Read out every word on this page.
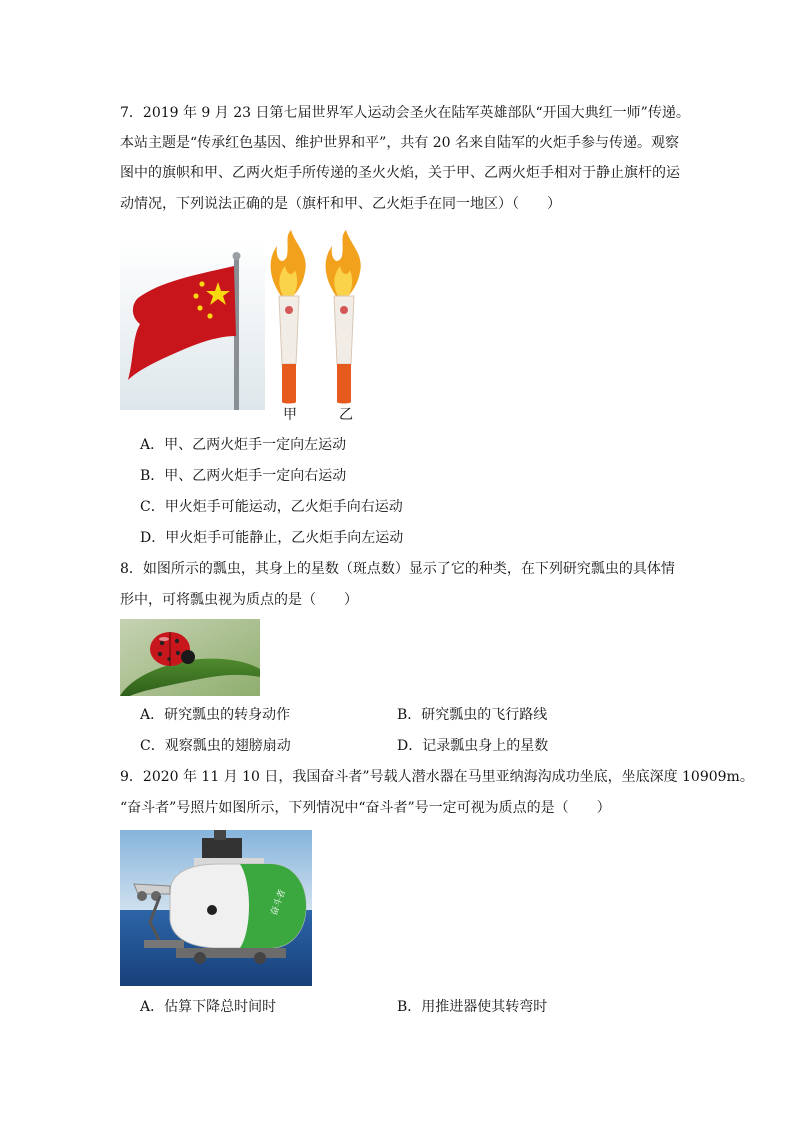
7．2019 年 9 月 23 日第七届世界军人运动会圣火在陆军英雄部队“开国大典红一师”传递。
本站主题是“传承红色基因、维护世界和平”，共有 20 名来自陆军的火炬手参与传递。观察
图中的旗帜和甲、乙两火炬手所传递的圣火火焰，关于甲、乙两火炬手相对于静止旗杆的运
动情况，下列说法正确的是（旗杆和甲、乙火炬手在同一地区）（　　）
甲	乙
A．甲、乙两火炬手一定向左运动
B．甲、乙两火炬手一定向右运动
C．甲火炬手可能运动，乙火炬手向右运动
D．甲火炬手可能静止，乙火炬手向左运动
8．如图所示的瓢虫，其身上的星数（斑点数）显示了它的种类，在下列研究瓢虫的具体情
形中，可将瓢虫视为质点的是（　　）
A．研究瓢虫的转身动作	B．研究瓢虫的飞行路线
C．观察瓢虫的翅膀扇动	D．记录瓢虫身上的星数
9．2020 年 11 月 10 日，我国奋斗者”号载人潜水器在马里亚纳海沟成功坐底，坐底深度 10909m。
“奋斗者”号照片如图所示，下列情况中“奋斗者”号一定可视为质点的是（　　）
奋斗者
A．估算下降总时间时	B．用推进器使其转弯时
